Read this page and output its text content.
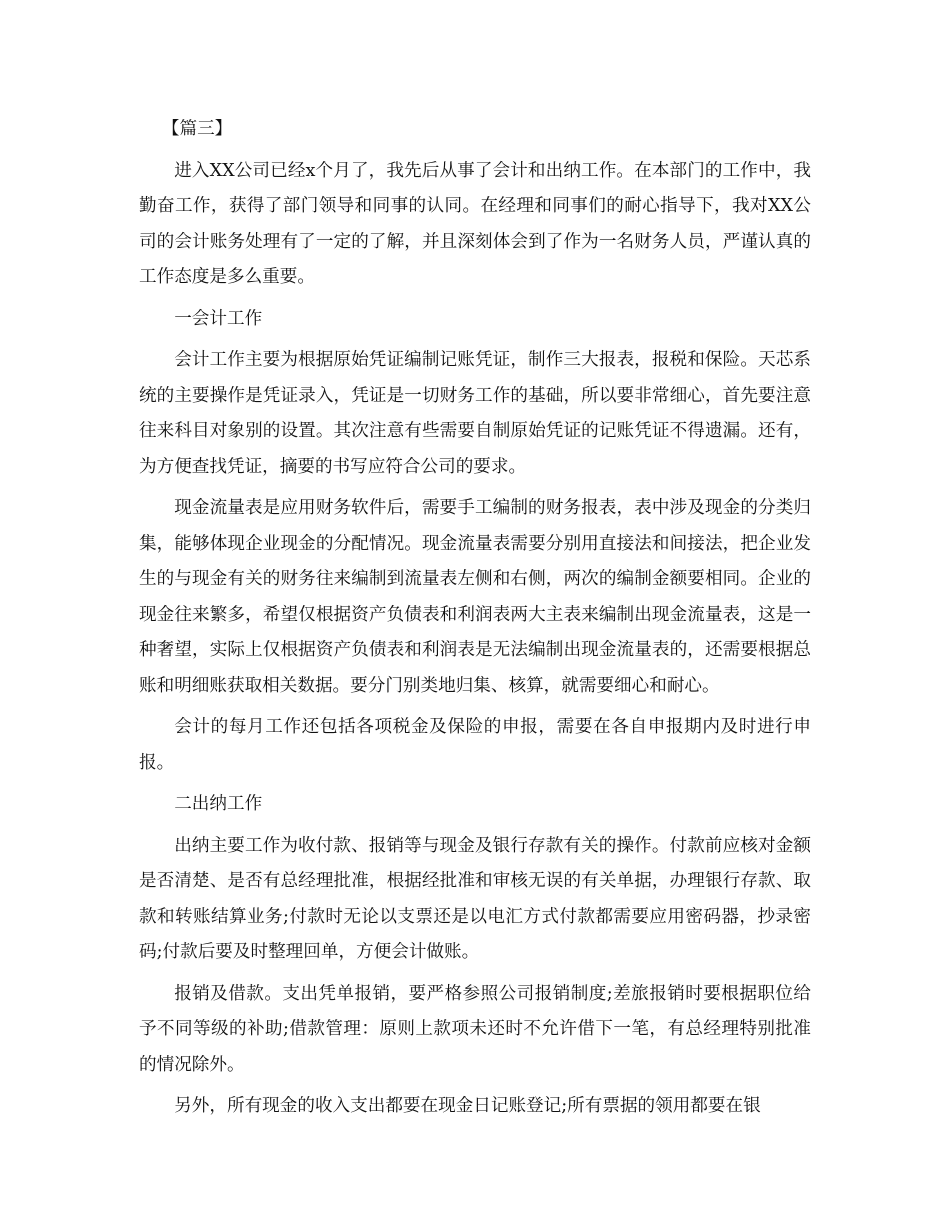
【篇三】

进入XX公司已经x个月了，我先后从事了会计和出纳工作。在本部门的工作中，我勤奋工作，获得了部门领导和同事的认同。在经理和同事们的耐心指导下，我对XX公司的会计账务处理有了一定的了解，并且深刻体会到了作为一名财务人员，严谨认真的工作态度是多么重要。

一会计工作

会计工作主要为根据原始凭证编制记账凭证，制作三大报表，报税和保险。天芯系统的主要操作是凭证录入，凭证是一切财务工作的基础，所以要非常细心，首先要注意往来科目对象别的设置。其次注意有些需要自制原始凭证的记账凭证不得遗漏。还有，为方便查找凭证，摘要的书写应符合公司的要求。

现金流量表是应用财务软件后，需要手工编制的财务报表，表中涉及现金的分类归集，能够体现企业现金的分配情况。现金流量表需要分别用直接法和间接法，把企业发生的与现金有关的财务往来编制到流量表左侧和右侧，两次的编制金额要相同。企业的现金往来繁多，希望仅根据资产负债表和利润表两大主表来编制出现金流量表，这是一种奢望，实际上仅根据资产负债表和利润表是无法编制出现金流量表的，还需要根据总账和明细账获取相关数据。要分门别类地归集、核算，就需要细心和耐心。

会计的每月工作还包括各项税金及保险的申报，需要在各自申报期内及时进行申报。

二出纳工作

出纳主要工作为收付款、报销等与现金及银行存款有关的操作。付款前应核对金额是否清楚、是否有总经理批准，根据经批准和审核无误的有关单据，办理银行存款、取款和转账结算业务;付款时无论以支票还是以电汇方式付款都需要应用密码器，抄录密码;付款后要及时整理回单，方便会计做账。

报销及借款。支出凭单报销，要严格参照公司报销制度;差旅报销时要根据职位给予不同等级的补助;借款管理：原则上款项未还时不允许借下一笔，有总经理特别批准的情况除外。

另外，所有现金的收入支出都要在现金日记账登记;所有票据的领用都要在银
